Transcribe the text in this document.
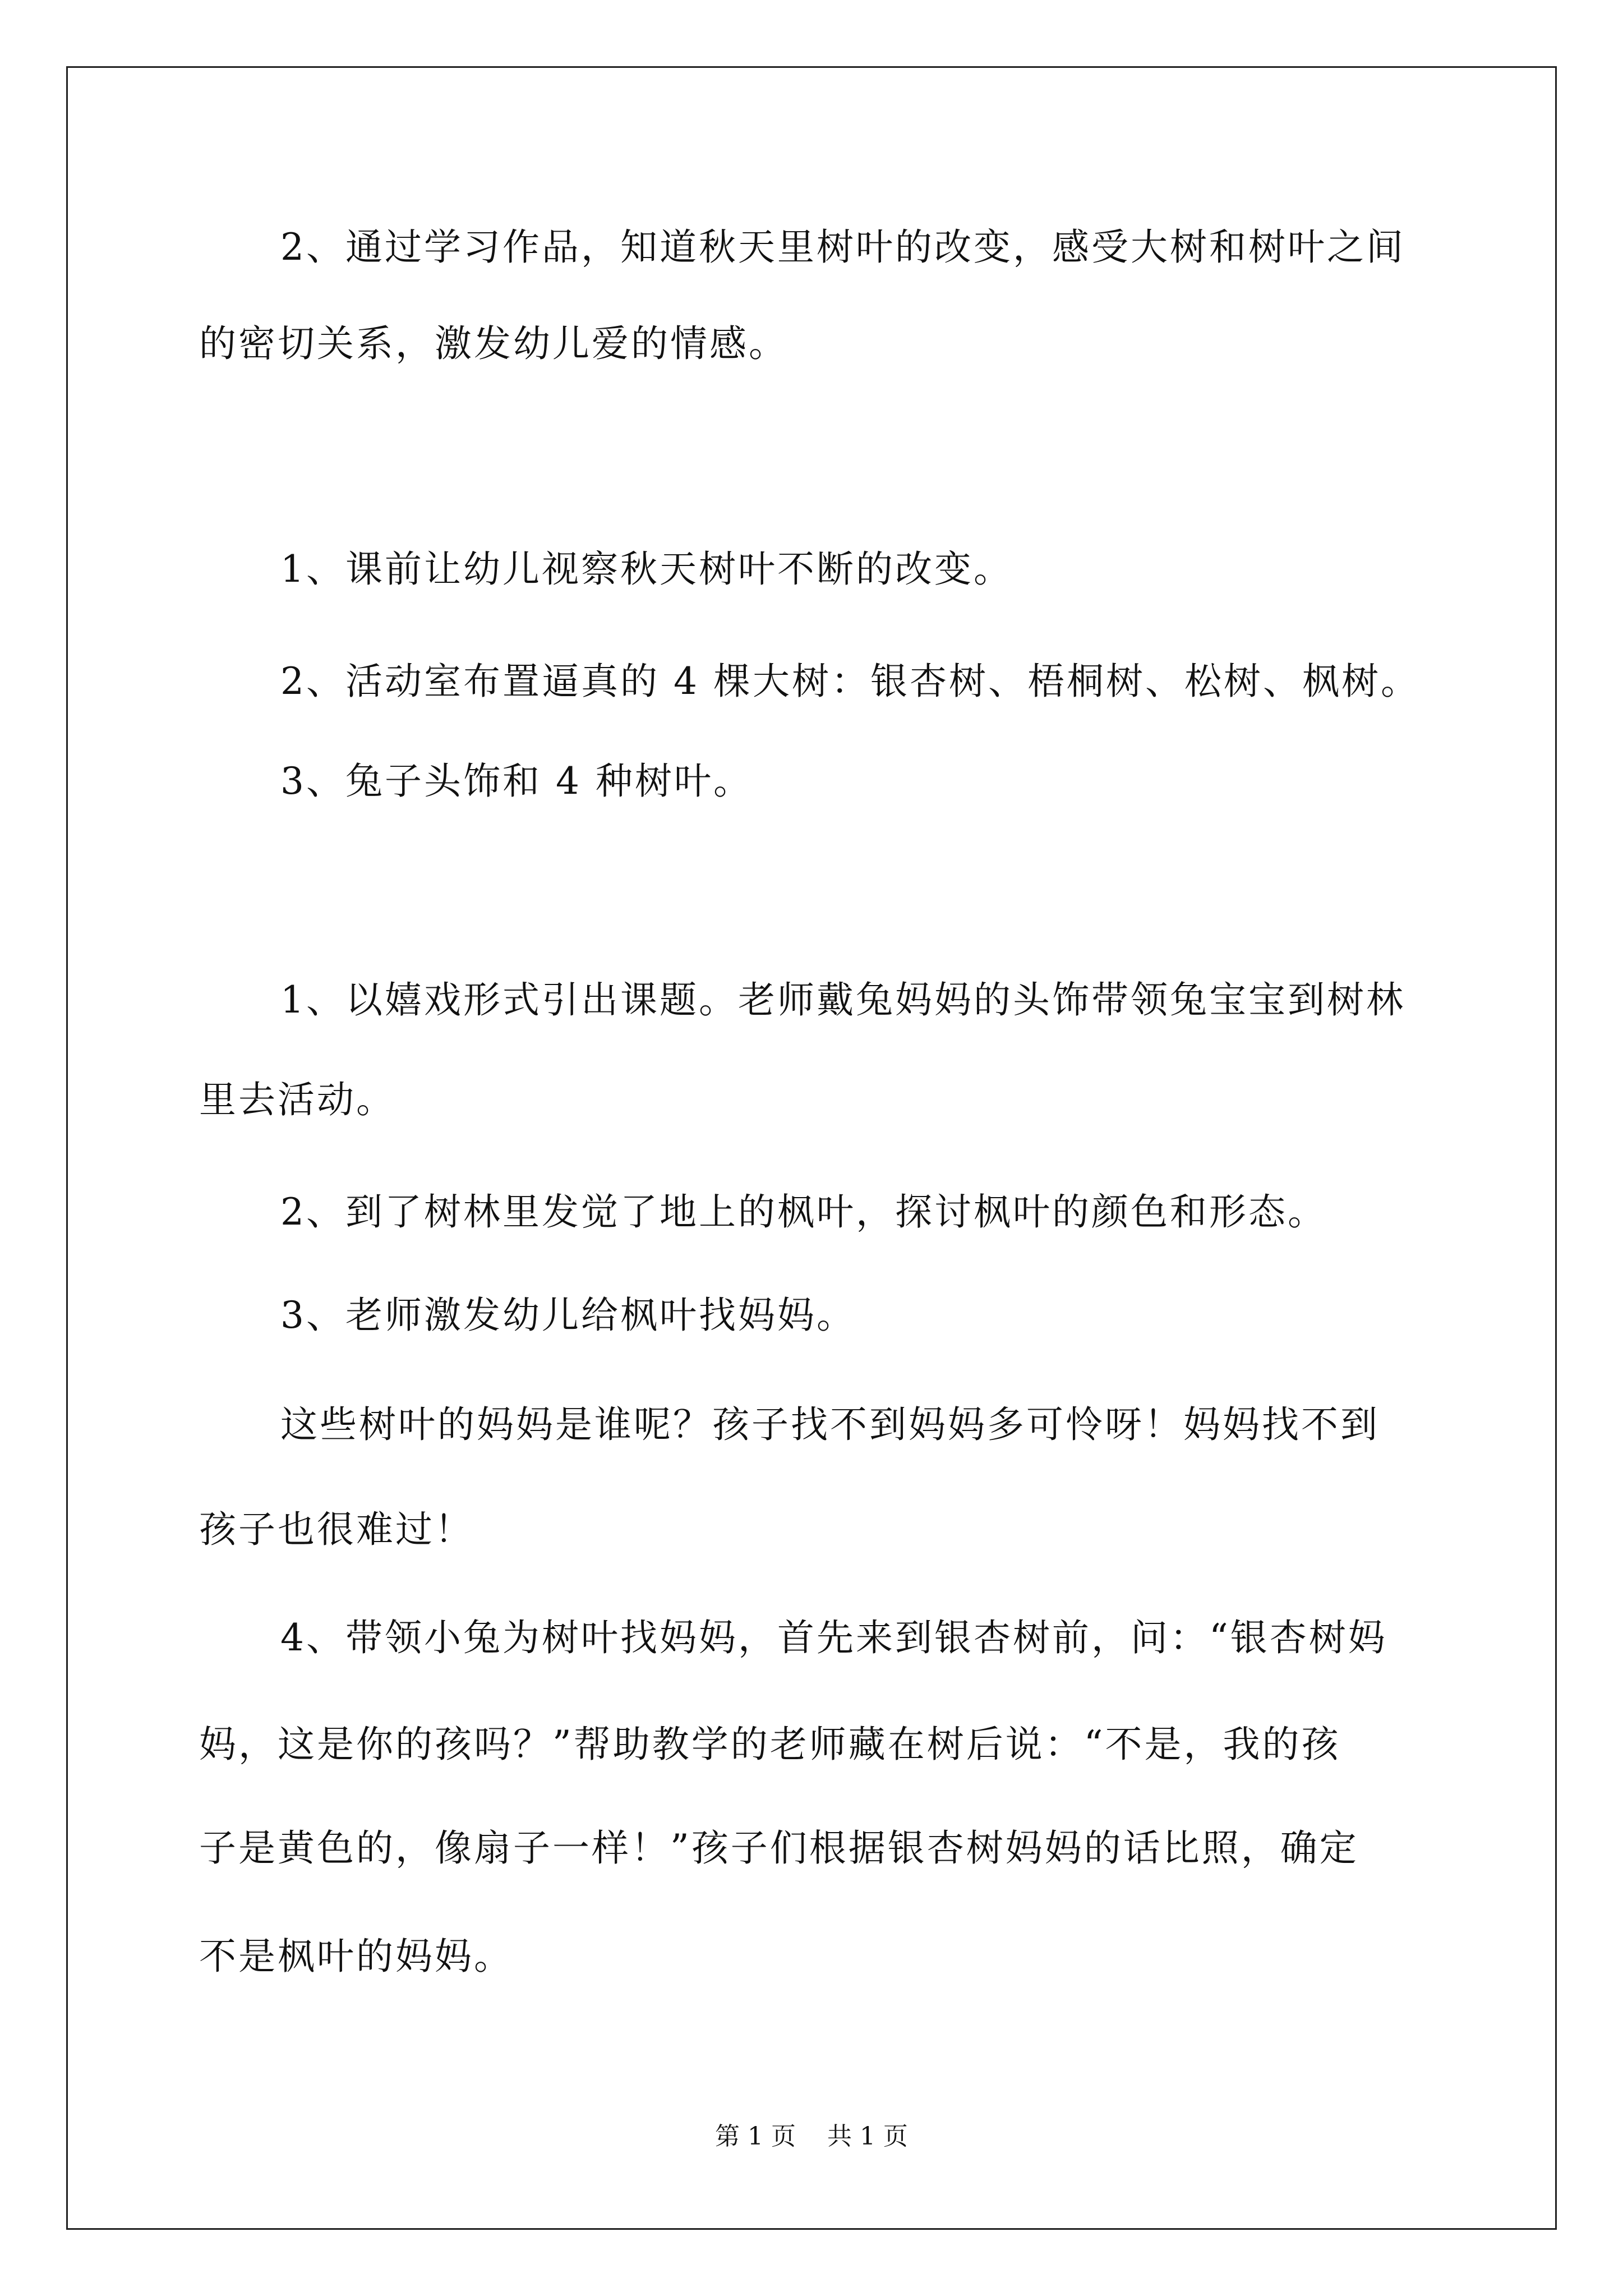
2、通过学习作品，知道秋天里树叶的改变，感受大树和树叶之间
的密切关系，激发幼儿爱的情感。
1、课前让幼儿视察秋天树叶不断的改变。
2、活动室布置逼真的 4 棵大树：银杏树、梧桐树、松树、枫树。
3、兔子头饰和 4 种树叶。
1、以嬉戏形式引出课题。老师戴兔妈妈的头饰带领兔宝宝到树林
里去活动。
2、到了树林里发觉了地上的枫叶，探讨枫叶的颜色和形态。
3、老师激发幼儿给枫叶找妈妈。
这些树叶的妈妈是谁呢？孩子找不到妈妈多可怜呀！妈妈找不到
孩子也很难过！
4、带领小兔为树叶找妈妈，首先来到银杏树前，问：“银杏树妈
妈，这是你的孩吗？”帮助教学的老师藏在树后说：“不是，我的孩
子是黄色的，像扇子一样！”孩子们根据银杏树妈妈的话比照，确定
不是枫叶的妈妈。
第 1 页    共 1 页
